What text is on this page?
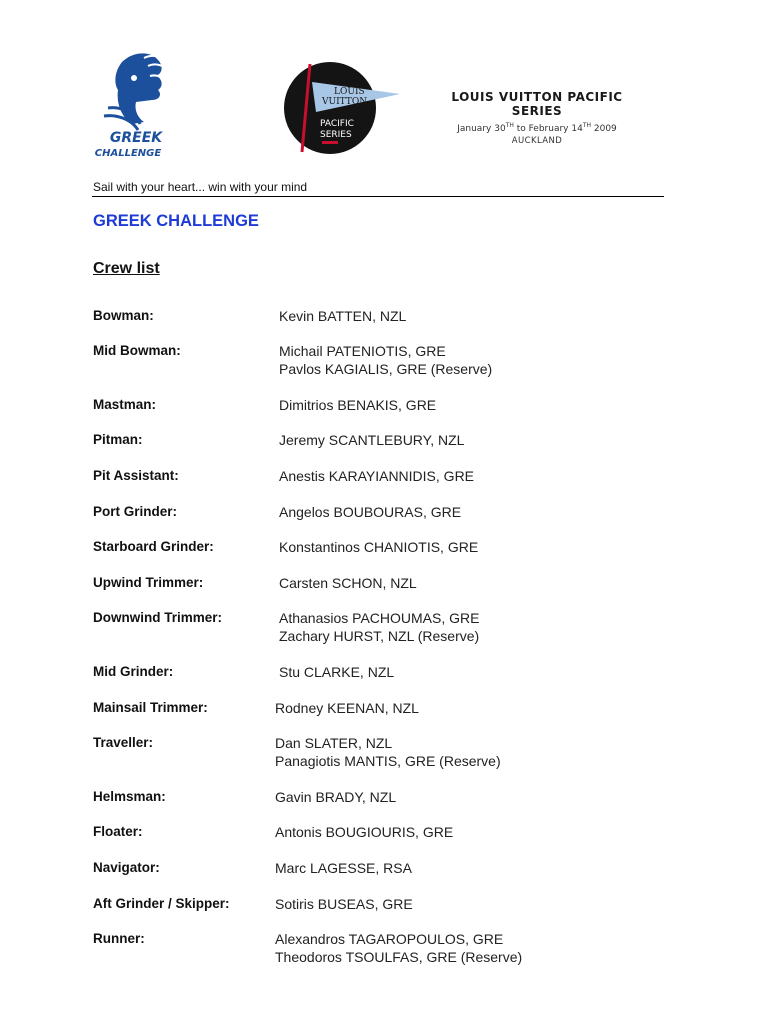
GREEK
CHALLENGE
LOUIS
VUITTON
PACIFIC
SERIES
LOUIS VUITTON PACIFIC SERIES
January 30TH to February 14TH 2009
AUCKLAND
Sail with your heart... win with your mind
GREEK CHALLENGE
Crew list
Bowman:	Kevin BATTEN, NZL
Mid Bowman:	Michail PATENIOTIS, GRE
Pavlos KAGIALIS, GRE (Reserve)
Mastman:	Dimitrios BENAKIS, GRE
Pitman:	Jeremy SCANTLEBURY, NZL
Pit Assistant:	Anestis KARAYIANNIDIS, GRE
Port Grinder:	Angelos BOUBOURAS, GRE
Starboard Grinder:	Konstantinos CHANIOTIS, GRE
Upwind Trimmer:	Carsten SCHON, NZL
Downwind Trimmer:	Athanasios PACHOUMAS, GRE
Zachary HURST, NZL (Reserve)
Mid Grinder:	Stu CLARKE, NZL
Mainsail Trimmer:	Rodney KEENAN, NZL
Traveller:	Dan SLATER, NZL
Panagiotis MANTIS, GRE (Reserve)
Helmsman:	Gavin BRADY, NZL
Floater:	Antonis BOUGIOURIS, GRE
Navigator:	Marc LAGESSE, RSA
Aft Grinder / Skipper:	Sotiris BUSEAS, GRE
Runner:	Alexandros TAGAROPOULOS, GRE
Theodoros TSOULFAS, GRE (Reserve)
